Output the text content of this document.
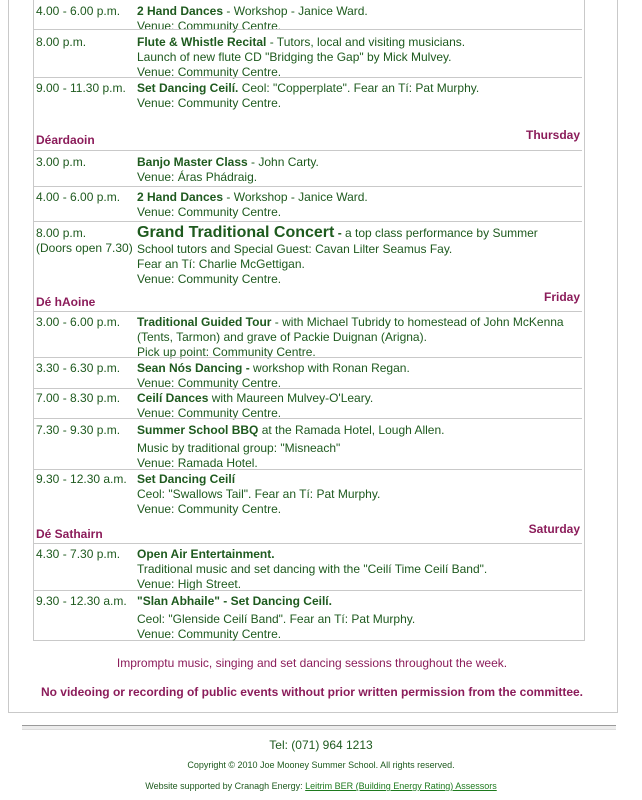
4.00 - 6.00 p.m.	2 Hand Dances - Workshop - Janice Ward.
Venue: Community Centre.
8.00 p.m.	Flute & Whistle Recital - Tutors, local and visiting musicians.
Launch of new flute CD "Bridging the Gap" by Mick Mulvey.
Venue: Community Centre.
9.00 - 11.30 p.m. Set Dancing Ceilí. Ceol: "Copperplate". Fear an Tí: Pat Murphy.
Venue: Community Centre.
Déardaoin	Thursday
3.00 p.m.	Banjo Master Class - John Carty.
Venue: Áras Phádraig.
4.00 - 6.00 p.m.	2 Hand Dances - Workshop - Janice Ward.
Venue: Community Centre.
8.00 p.m.
(Doors open 7.30)
Grand Traditional Concert - a top class performance by Summer
School tutors and Special Guest: Cavan Lilter Seamus Fay.
Fear an Tí: Charlie McGettigan.
Venue: Community Centre.
Dé hAoine	Friday
3.00 - 6.00 p.m.	Traditional Guided Tour - with Michael Tubridy to homestead of John McKenna
(Tents, Tarmon) and grave of Packie Duignan (Arigna).
Pick up point: Community Centre.
3.30 - 6.30 p.m.	Sean Nós Dancing - workshop with Ronan Regan.
Venue: Community Centre.
7.00 - 8.30 p.m.	Ceilí Dances with Maureen Mulvey-O'Leary.
Venue: Community Centre.
7.30 - 9.30 p.m.	Summer School BBQ at the Ramada Hotel, Lough Allen.
Music by traditional group: "Misneach"
Venue: Ramada Hotel.
9.30 - 12.30 a.m. Set Dancing Ceilí
Ceol: "Swallows Tail". Fear an Tí: Pat Murphy.
Venue: Community Centre.
Dé Sathairn	Saturday
4.30 - 7.30 p.m.	Open Air Entertainment.
Traditional music and set dancing with the "Ceilí Time Ceilí Band".
Venue: High Street.
9.30 - 12.30 a.m. "Slan Abhaile" - Set Dancing Ceilí.
Ceol: "Glenside Ceilí Band". Fear an Tí: Pat Murphy.
Venue: Community Centre.
Impromptu music, singing and set dancing sessions throughout the week.
No videoing or recording of public events without prior written permission from the committee.
Tel: (071) 964 1213
Copyright © 2010 Joe Mooney Summer School. All rights reserved.
Website supported by Cranagh Energy: Leitrim BER (Building Energy Rating) Assessors
